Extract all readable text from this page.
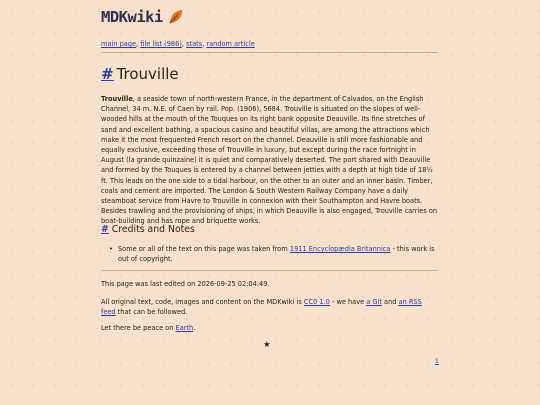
MDKwiki
main page, file list (986), stats, random article
# Trouville
Trouville, a seaside town of north-western France, in the department of Calvados, on the English Channel, 34 m. N.E. of Caen by rail. Pop. (1906), 5684. Trouville is situated on the slopes of well-wooded hills at the mouth of the Touques on its right bank opposite Deauville. Its fine stretches of sand and excellent bathing, a spacious casino and beautiful villas, are among the attractions which make it the most frequented French resort on the channel. Deauville is still more fashionable and equally exclusive, exceeding those of Trouville in luxury, but except during the race fortnight in August (la grande quinzaine) it is quiet and comparatively deserted. The port shared with Deauville and formed by the Touques is entered by a channel between jetties with a depth at high tide of 18½ ft. This leads on the one side to a tidal harbour, on the other to an outer and an inner basin. Timber, coals and cement are imported. The London & South Western Railway Company have a daily steamboat service from Havre to Trouville in connexion with their Southampton and Havre boats. Besides trawling and the provisioning of ships, in which Deauville is also engaged, Trouville carries on boat-building and has rope and briquette works.
# Credits and Notes
• Some or all of the text on this page was taken from 1911 Encyclopædia Britannica - this work is out of copyright.
This page was last edited on 2026-09-25 02:04:49.
All original text, code, images and content on the MDKwiki is CC0 1.0 - we have a Git and an RSS feed that can be followed.
Let there be peace on Earth.
★
1
